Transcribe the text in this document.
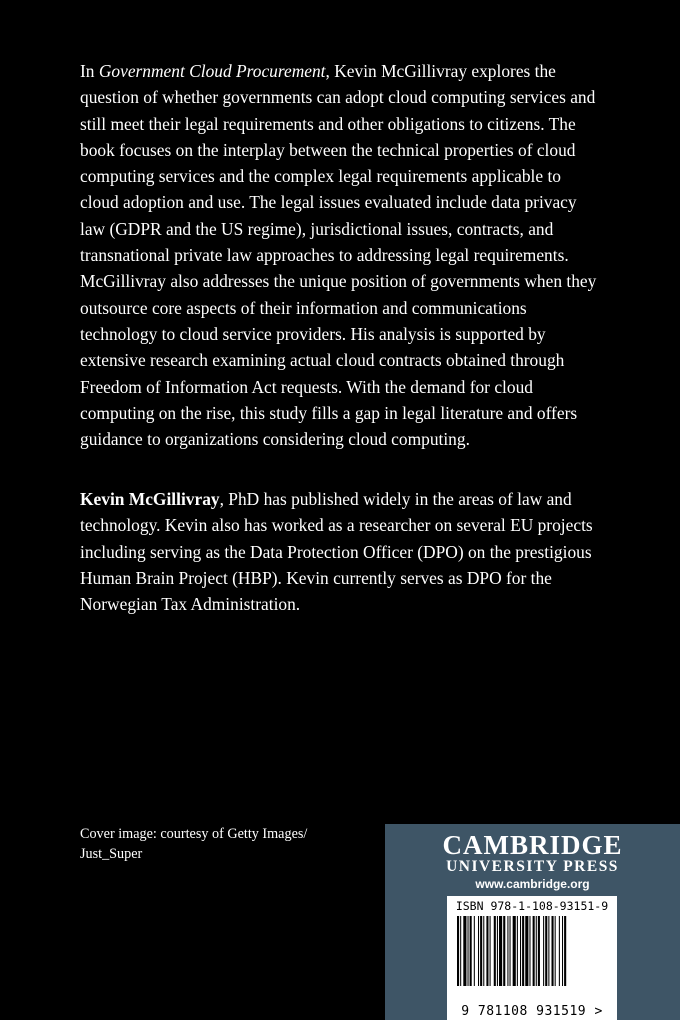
In Government Cloud Procurement, Kevin McGillivray explores the question of whether governments can adopt cloud computing services and still meet their legal requirements and other obligations to citizens. The book focuses on the interplay between the technical properties of cloud computing services and the complex legal requirements applicable to cloud adoption and use. The legal issues evaluated include data privacy law (GDPR and the US regime), jurisdictional issues, contracts, and transnational private law approaches to addressing legal requirements. McGillivray also addresses the unique position of governments when they outsource core aspects of their information and communications technology to cloud service providers. His analysis is supported by extensive research examining actual cloud contracts obtained through Freedom of Information Act requests. With the demand for cloud computing on the rise, this study fills a gap in legal literature and offers guidance to organizations considering cloud computing.

Kevin McGillivray, PhD has published widely in the areas of law and technology. Kevin also has worked as a researcher on several EU projects including serving as the Data Protection Officer (DPO) on the prestigious Human Brain Project (HBP). Kevin currently serves as DPO for the Norwegian Tax Administration.
Cover image: courtesy of Getty Images/
Just_Super	CAMBRIDGE
UNIVERSITY PRESS
www.cambridge.org
ISBN 978-1-108-93151-9
9 781108 931519 >
